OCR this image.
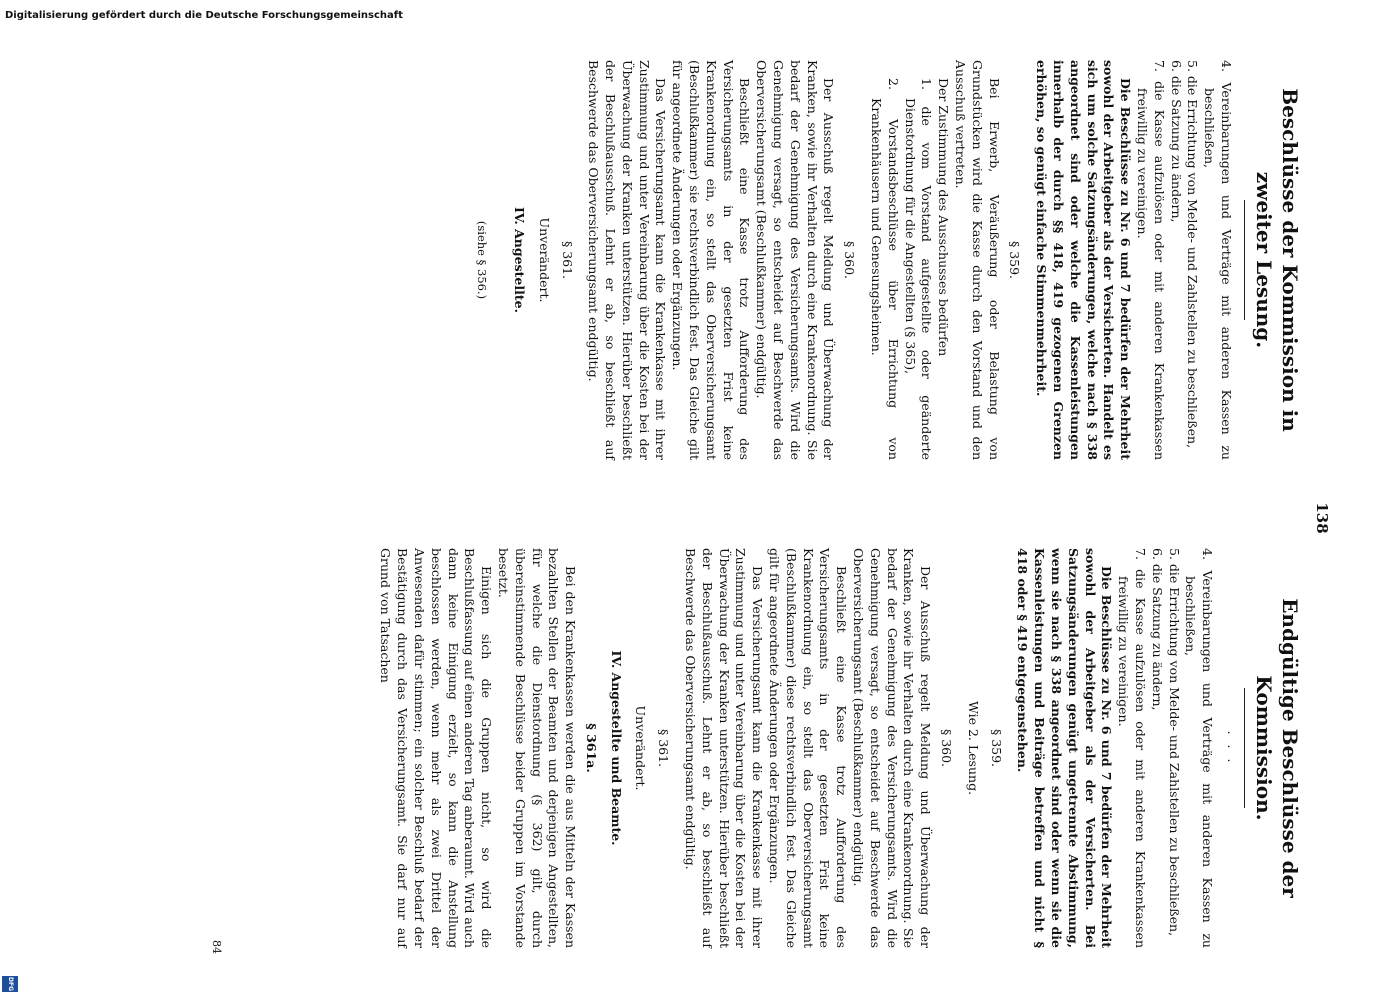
138
Beschlüsse der Kommission in zweiter Lesung.
4. Vereinbarungen und Verträge mit anderen Kassen zu beschließen,
5. die Errichtung von Melde- und Zahlstellen zu beschließen,
6. die Satzung zu ändern,
7. die Kasse aufzulösen oder mit anderen Krankenkassen freiwillig zu vereinigen.

Die Beschlüsse zu Nr. 6 und 7 bedürfen der Mehrheit sowohl der Arbeitgeber als der Versicherten. Handelt es sich um solche Satzungsänderungen, welche nach § 338 angeordnet sind oder welche die Kassenleistungen innerhalb der durch §§ 418, 419 gezogenen Grenzen erhöhen, so genügt einfache Stimmenmehrheit.

§ 359.

Bei Erwerb, Veräußerung oder Belastung von Grundstücken wird die Kasse durch den Vorstand und den Ausschuß vertreten.

Der Zustimmung des Ausschusses bedürfen

1. die vom Vorstand aufgestellte oder geänderte Dienstordnung für die Angestellten (§ 365),
2. Vorstandsbeschlüsse über Errichtung von Krankenhäusern und Genesungsheimen.
§ 360.

Der Ausschuß regelt Meldung und Überwachung der Kranken, sowie ihr Verhalten durch eine Krankenordnung. Sie bedarf der Genehmigung des Versicherungsamts. Wird die Genehmigung versagt, so entscheidet auf Beschwerde das Oberversicherungsamt (Beschlußkammer) endgültig.

Beschließt eine Kasse trotz Aufforderung des Versicherungsamts in der gesetzten Frist keine Krankenordnung ein, so stellt das Oberversicherungsamt (Beschlußkammer) sie rechtsverbindlich fest. Das Gleiche gilt für angeordnete Änderungen oder Ergänzungen.

Das Versicherungsamt kann die Krankenkasse mit ihrer Zustimmung und unter Vereinbarung über die Kosten bei der Überwachung der Kranken unterstützen. Hierüber beschließt der Beschlußausschuß. Lehnt er ab, so beschließt auf Beschwerde das Oberversicherungsamt endgültig.

§ 361.
Unverändert.
IV. Angestellte.
(siehe § 356.)
Endgültige Beschlüsse der Kommission.
. . .
4. Vereinbarungen und Verträge mit anderen Kassen zu beschließen,
5. die Errichtung von Melde- und Zahlstellen zu beschließen,
6. die Satzung zu ändern,
7. die Kasse aufzulösen oder mit anderen Krankenkassen freiwillig zu vereinigen.

Die Beschlüsse zu Nr. 6 und 7 bedürfen der Mehrheit sowohl der Arbeitgeber als der Versicherten. Bei Satzungsänderungen genügt ungetrennte Abstimmung, wenn sie nach § 338 angeordnet sind oder wenn sie die Kassenleistungen und Beiträge betreffen und nicht § 418 oder § 419 entgegenstehen.

§ 359.
Wie 2. Lesung.
§ 360.

Der Ausschuß regelt Meldung und Überwachung der Kranken, sowie ihr Verhalten durch eine Krankenordnung. Sie bedarf der Genehmigung des Versicherungsamts. Wird die Genehmigung versagt, so entscheidet auf Beschwerde das Oberversicherungsamt (Beschlußkammer) endgültig.

Beschließt eine Kasse trotz Aufforderung des Versicherungsamts in der gesetzten Frist keine Krankenordnung ein, so stellt das Oberversicherungsamt (Beschlußkammer) diese rechtsverbindlich fest. Das Gleiche gilt für angeordnete Änderungen oder Ergänzungen.

Das Versicherungsamt kann die Krankenkasse mit ihrer Zustimmung und unter Vereinbarung über die Kosten bei der Überwachung der Kranken unterstützen. Hierüber beschließt der Beschlußausschuß. Lehnt er ab, so beschließt auf Beschwerde das Oberversicherungsamt endgültig.

§ 361.
Unverändert.
IV. Angestellte und Beamte.
§ 361a.

Bei den Krankenkassen werden die aus Mitteln der Kassen bezahlten Stellen der Beamten und derjenigen Angestellten, für welche die Dienstordnung (§ 362) gilt, durch übereinstimmende Beschlüsse beider Gruppen im Vorstande besetzt.

Einigen sich die Gruppen nicht, so wird die Beschlußfassung auf einen anderen Tag anberaumt. Wird auch dann keine Einigung erzielt, so kann die Anstellung beschlossen werden, wenn mehr als zwei Drittel der Anwesenden dafür stimmen; ein solcher Beschluß bedarf der Bestätigung durch das Versicherungsamt. Sie darf nur auf Grund von Tatsachen

84
Digitalisierung gefördert durch die Deutsche Forschungsgemeinschaft
DFG
